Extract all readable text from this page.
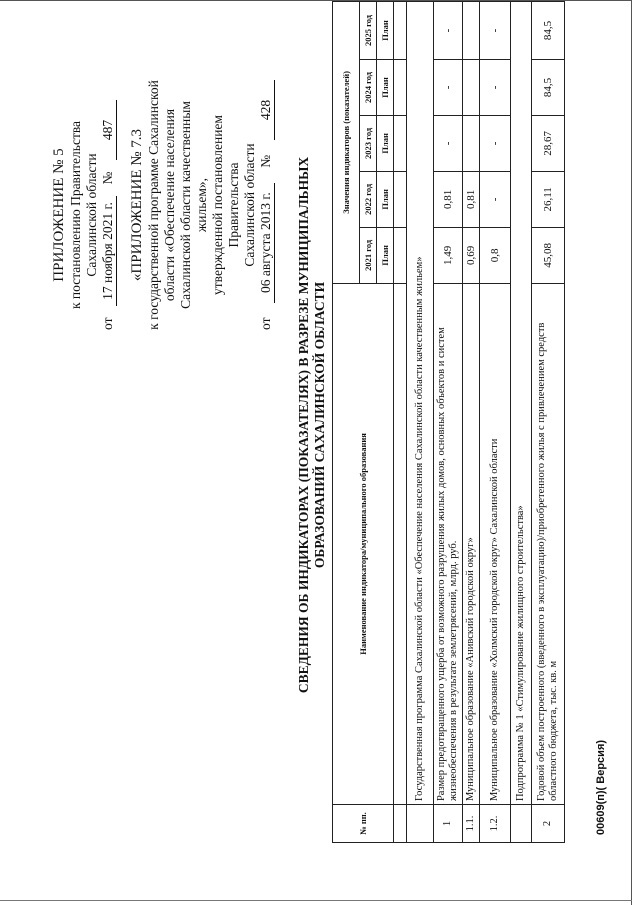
ПРИЛОЖЕНИЕ № 5 к постановлению Правительства Сахалинской области
от
17 ноября 2021 г.
№
487 «ПРИЛОЖЕНИЕ № 7.3 к государственной программе Сахалинской области «Обеспечение населения Сахалинской области качественным жильем», утвержденной постановлением Правительства Сахалинской области
от
06 августа 2013 г.
№
428
СВЕДЕНИЯ ОБ ИНДИКАТОРАХ (ПОКАЗАТЕЛЯХ) В РАЗРЕЗЕ МУНИЦИПАЛЬНЫХ ОБРАЗОВАНИЙ САХАЛИНСКОЙ ОБЛАСТИ
№ пп.	Наименование индикатора/муниципального образования	Значения индикаторов (показателей)				
		2021 год	2022 год	2023 год	2024 год	2025 год
		План	План	План	План	План

	Государственная программа Сахалинской области «Обеспечение населения Сахалинской области качественным жильем»					
1	Размер предотвращенного ущерба от возможного разрушения жилых домов, основных объектов и систем жизнеобеспечения в результате землетрясений, млрд. руб.	1,49	0,81	-	-	-
1.1.	Муниципальное образование «Анивский городской округ»	0,69	0,81			
1.2.	Муниципальное образование «Холмский городской округ» Сахалинской области	0,8	-	-	-	-
	Подпрограмма № 1 «Стимулирование жилищного строительства»					
2	Годовой объем построенного (введенного в эксплуатацию)/приобретенного жилья с привлечением средств областного бюджета, тыс. кв. м	45,08	26,11	28,67	84,5	84,5
00609(п)( Версия)
